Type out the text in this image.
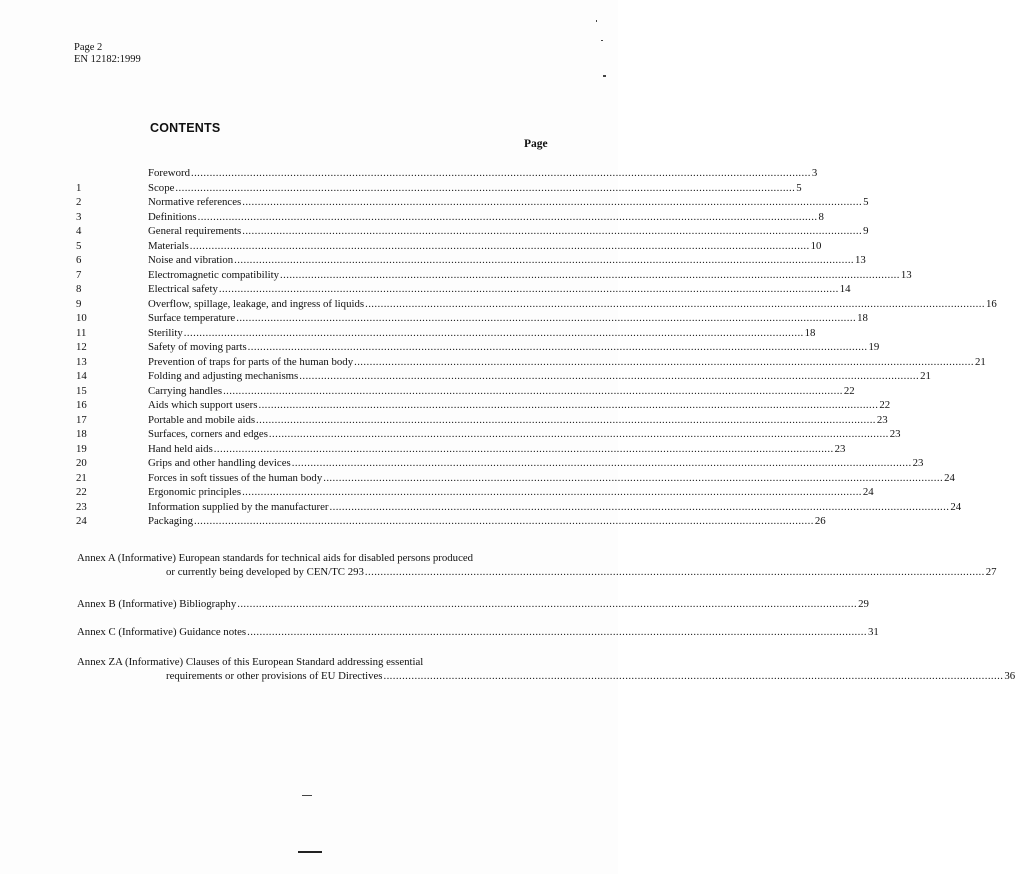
Page 2
EN 12182:1999
CONTENTS
Page
Foreword ........................................................................................................................................................................................................ 3
1	Scope ........................................................................................................................................................................................................ 5
2	Normative references ........................................................................................................................................................................................................ 5
3	Definitions ........................................................................................................................................................................................................ 8
4	General requirements ........................................................................................................................................................................................................ 9
5	Materials ........................................................................................................................................................................................................ 10
6	Noise and vibration ........................................................................................................................................................................................................ 13
7	Electromagnetic compatibility ........................................................................................................................................................................................................ 13
8	Electrical safety ........................................................................................................................................................................................................ 14
9	Overflow, spillage, leakage, and ingress of liquids ........................................................................................................................................................................................................ 16
10	Surface temperature ........................................................................................................................................................................................................ 18
11	Sterility ........................................................................................................................................................................................................ 18
12	Safety of moving parts ........................................................................................................................................................................................................ 19
13	Prevention of traps for parts of the human body ........................................................................................................................................................................................................ 21
14	Folding and adjusting mechanisms ........................................................................................................................................................................................................ 21
15	Carrying handles ........................................................................................................................................................................................................ 22
16	Aids which support users ........................................................................................................................................................................................................ 22
17	Portable and mobile aids ........................................................................................................................................................................................................ 23
18	Surfaces, corners and edges ........................................................................................................................................................................................................ 23
19	Hand held aids ........................................................................................................................................................................................................ 23
20	Grips and other handling devices ........................................................................................................................................................................................................ 23
21	Forces in soft tissues of the human body ........................................................................................................................................................................................................ 24
22	Ergonomic principles ........................................................................................................................................................................................................ 24
23	Information supplied by the manufacturer ........................................................................................................................................................................................................ 24
24	Packaging ........................................................................................................................................................................................................ 26
Annex A (Informative) European standards for technical aids for disabled persons produced
or currently being developed by CEN/TC 293 ........................................................................................................................................................................................................ 27
Annex B (Informative) Bibliography ........................................................................................................................................................................................................ 29
Annex C (Informative) Guidance notes ........................................................................................................................................................................................................ 31
Annex ZA (Informative) Clauses of this European Standard addressing essential
requirements or other provisions of EU Directives ........................................................................................................................................................................................................ 36
